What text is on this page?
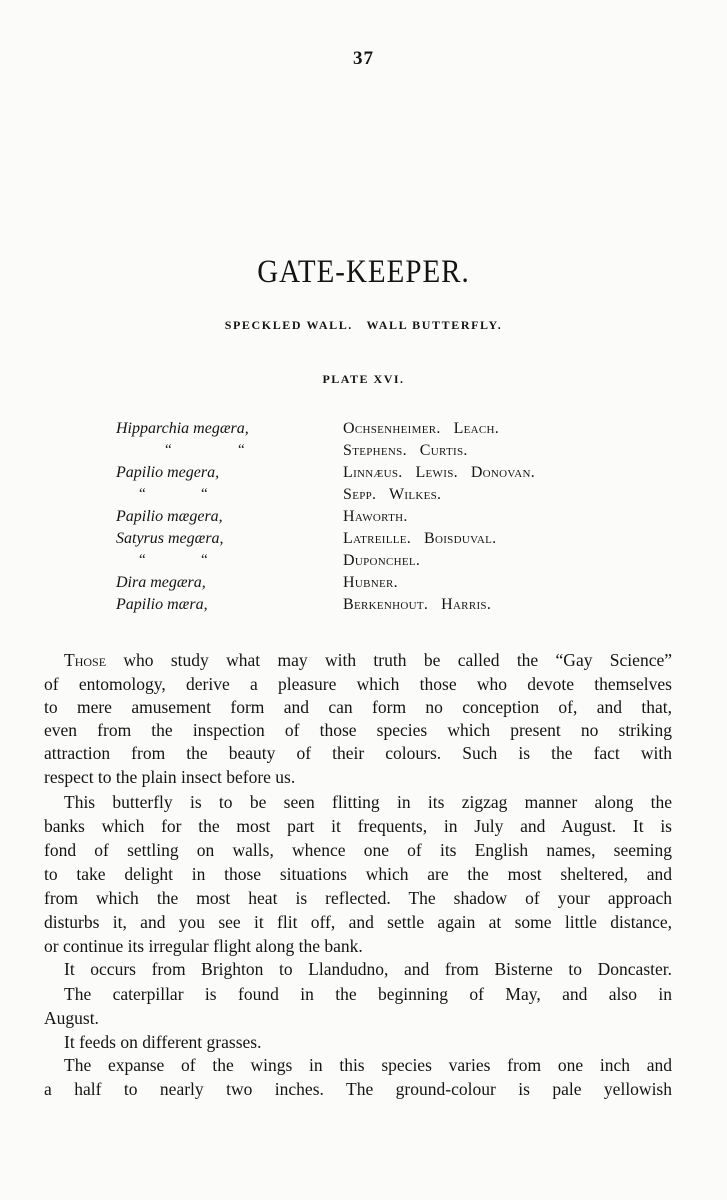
37
GATE-KEEPER.
SPECKLED WALL.   WALL BUTTERFLY.
PLATE XVI.
Hipparchia megæra,	Ochsenheimer.   Leach.
“	“	Stephens.   Curtis.
Papilio megera,	Linnæus.   Lewis.   Donovan.
“	“	Sepp.   Wilkes.
Papilio mægera,	Haworth.
Satyrus megæra,	Latreille.   Boisduval.
“	“	Duponchel.
Dira megæra,	Hubner.
Papilio mæra,	Berkenhout.   Harris.
Those who study what may with truth be called the “Gay Science”
of entomology, derive a pleasure which those who devote themselves
to mere amusement form and can form no conception of, and that,
even from the inspection of those species which present no striking
attraction from the beauty of their colours. Such is the fact with
respect to the plain insect before us.
This butterfly is to be seen flitting in its zigzag manner along the
banks which for the most part it frequents, in July and August. It is
fond of settling on walls, whence one of its English names, seeming
to take delight in those situations which are the most sheltered, and
from which the most heat is reflected. The shadow of your approach
disturbs it, and you see it flit off, and settle again at some little distance,
or continue its irregular flight along the bank.
It occurs from Brighton to Llandudno, and from Bisterne to Doncaster.
The caterpillar is found in the beginning of May, and also in
August.
It feeds on different grasses.
The expanse of the wings in this species varies from one inch and
a half to nearly two inches. The ground-colour is pale yellowish
